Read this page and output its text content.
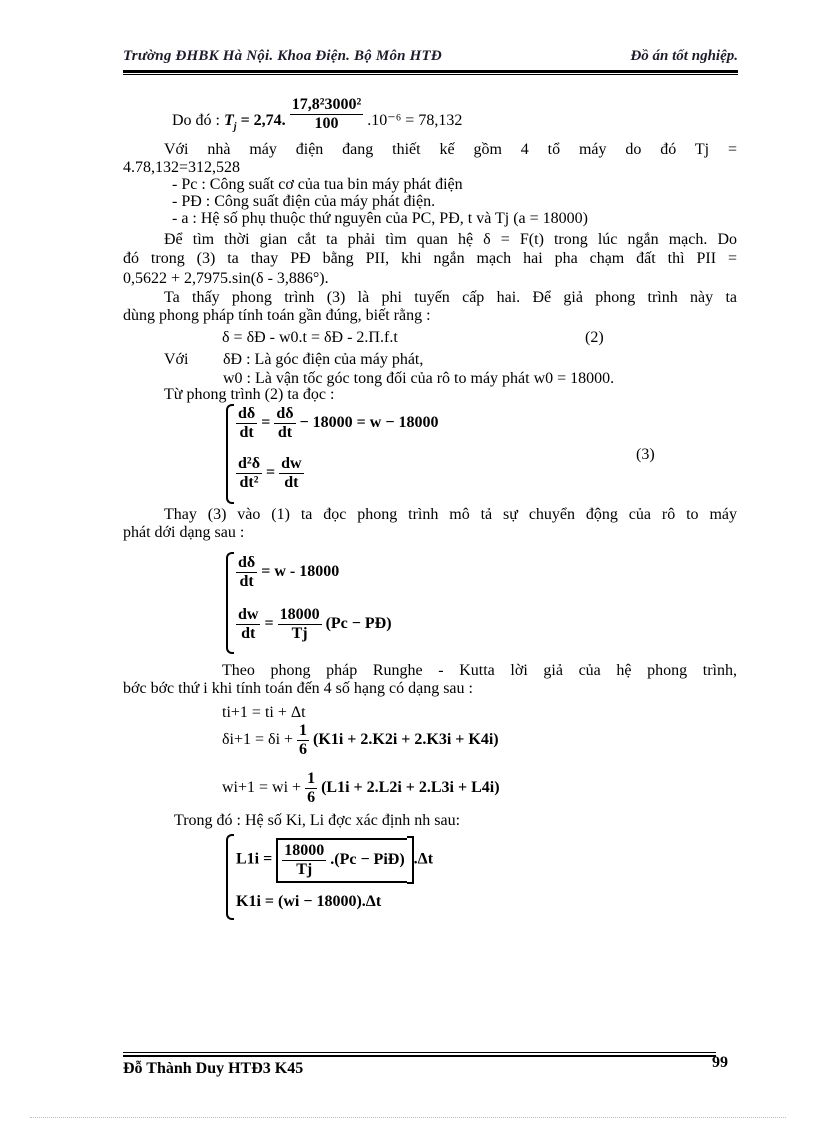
Trường ĐHBK Hà Nội. Khoa Điện. Bộ Môn HTĐ	Đồ án tốt nghiệp.
Do đó : $T_j = 2,74$. $\frac{\text{17,8²3000²}}{100} .10^{-6} = 78,132$
Với nhà máy điện đang thiết kế gồm 4 tổ máy do đó Tj =
4.78,132=312,528
- Pc : Công suất cơ của tua bin máy phát điện
- PĐ : Công suất điện của máy phát điện.
- a : Hệ số phụ thuộc thứ nguyên của PC, PĐ, t và Tj (a = 18000)
Để tìm thời gian cắt ta phải tìm quan hệ δ = F(t) trong lúc ngắn mạch. Do
đó trong (3) ta thay PĐ bằng PII, khi ngắn mạch hai pha chạm đất thì PII =
0,5622 + 2,7975.sin(δ - 3,886°).
Ta thấy phong trình (3) là phi tuyến cấp hai. Để giả phong trình này ta
dùng phong pháp tính toán gần đúng, biết rằng :
δ = δĐ - w0.t = δĐ - 2.Π.f.t	(2)
Với δĐ : Là góc điện của máy phát,
w0 : Là vận tốc góc tong đối của rô to máy phát w0 = 18000.
Từ phong trình (2) ta đọc :
$\frac{d\delta}{dt} = \frac{d\delta}{dt} - 18000 = w - 18000$
$\frac{\text{d²δ}}{\text{dt²}} = \frac{dw}{dt}$
(3)
Thay (3) vào (1) ta đọc phong trình mô tả sự chuyển động của rô to máy
phát dới dạng sau :
$\frac{d\delta}{dt} = w - 18000$
$\frac{dw}{dt} = \frac{18000}{Tj} (Pc$ − PĐ)
Theo phong pháp Runghe - Kutta lời giả của hệ phong trình,
bớc bớc thứ i khi tính toán đến 4 số hạng có dạng sau :
ti+1 = ti + Δt
$\delta i+1 = \delta i + \frac{1}{6} (K1i + 2.K2i + 2.K3i + K4i)$
wi+1 = wi + $\frac{1}{6} (L1i + 2.L2i + 2.L3i + L4i)$
Trong đó : Hệ số Ki, Li đợc xác định nh sau:
$L1i = \frac{18000}{Tj} .(Pc$ − PiĐ) .Δt
K1i = (wi − 18000).Δt
Đỗ Thành Duy HTĐ3 K45	99
